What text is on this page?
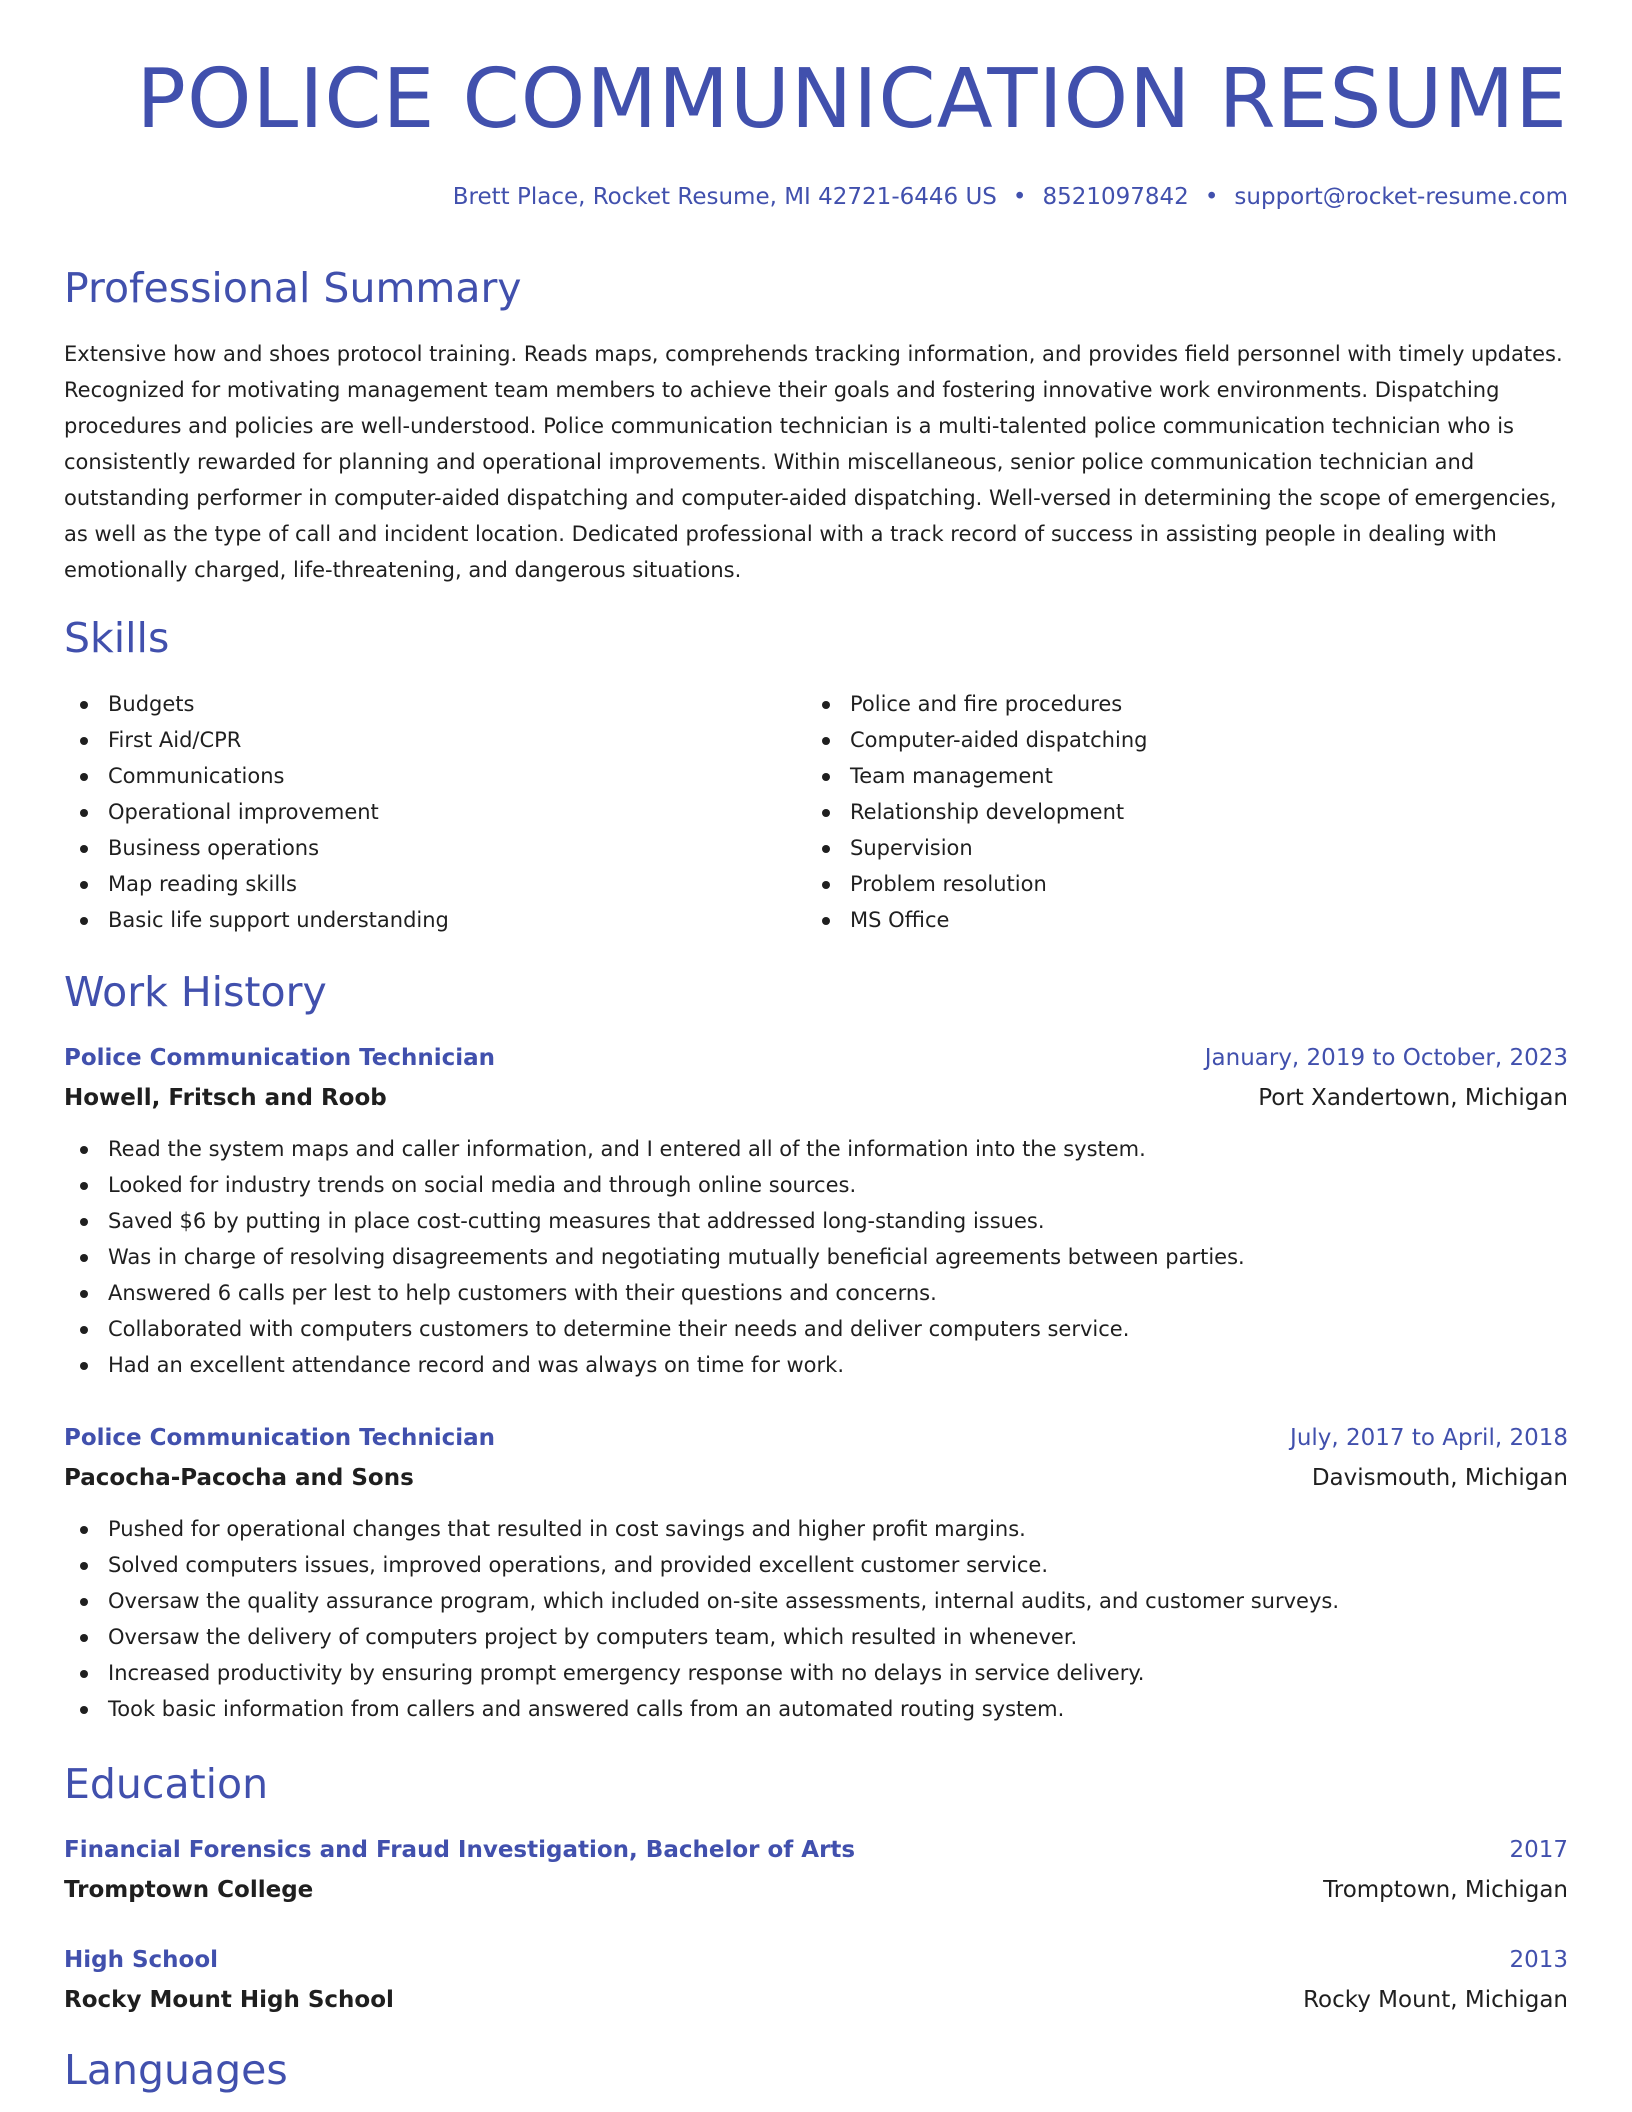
POLICE COMMUNICATION RESUME
Brett Place, Rocket Resume, MI 42721-6446 US • 8521097842 • support@rocket-resume.com
Professional Summary

Extensive how and shoes protocol training. Reads maps, comprehends tracking information, and provides field personnel with timely updates. Recognized for motivating management team members to achieve their goals and fostering innovative work environments. Dispatching procedures and policies are well-understood. Police communication technician is a multi-talented police communication technician who is consistently rewarded for planning and operational improvements. Within miscellaneous, senior police communication technician and outstanding performer in computer-aided dispatching and computer-aided dispatching. Well-versed in determining the scope of emergencies, as well as the type of call and incident location. Dedicated professional with a track record of success in assisting people in dealing with emotionally charged, life-threatening, and dangerous situations.

Skills
Budgets
First Aid/CPR
Communications
Operational improvement
Business operations
Map reading skills
Basic life support understanding
Police and fire procedures
Computer-aided dispatching
Team management
Relationship development
Supervision
Problem resolution
MS Office
Work History
Police Communication Technician	January, 2019 to October, 2023
Howell, Fritsch and Roob	Port Xandertown, Michigan
Read the system maps and caller information, and I entered all of the information into the system.
Looked for industry trends on social media and through online sources.
Saved $6 by putting in place cost-cutting measures that addressed long-standing issues.
Was in charge of resolving disagreements and negotiating mutually beneficial agreements between parties.
Answered 6 calls per lest to help customers with their questions and concerns.
Collaborated with computers customers to determine their needs and deliver computers service.
Had an excellent attendance record and was always on time for work.
Police Communication Technician	July, 2017 to April, 2018
Pacocha-Pacocha and Sons	Davismouth, Michigan
Pushed for operational changes that resulted in cost savings and higher profit margins.
Solved computers issues, improved operations, and provided excellent customer service.
Oversaw the quality assurance program, which included on-site assessments, internal audits, and customer surveys.
Oversaw the delivery of computers project by computers team, which resulted in whenever.
Increased productivity by ensuring prompt emergency response with no delays in service delivery.
Took basic information from callers and answered calls from an automated routing system.
Education
Financial Forensics and Fraud Investigation, Bachelor of Arts	2017
Tromptown College	Tromptown, Michigan
High School	2013
Rocky Mount High School	Rocky Mount, Michigan
Languages
